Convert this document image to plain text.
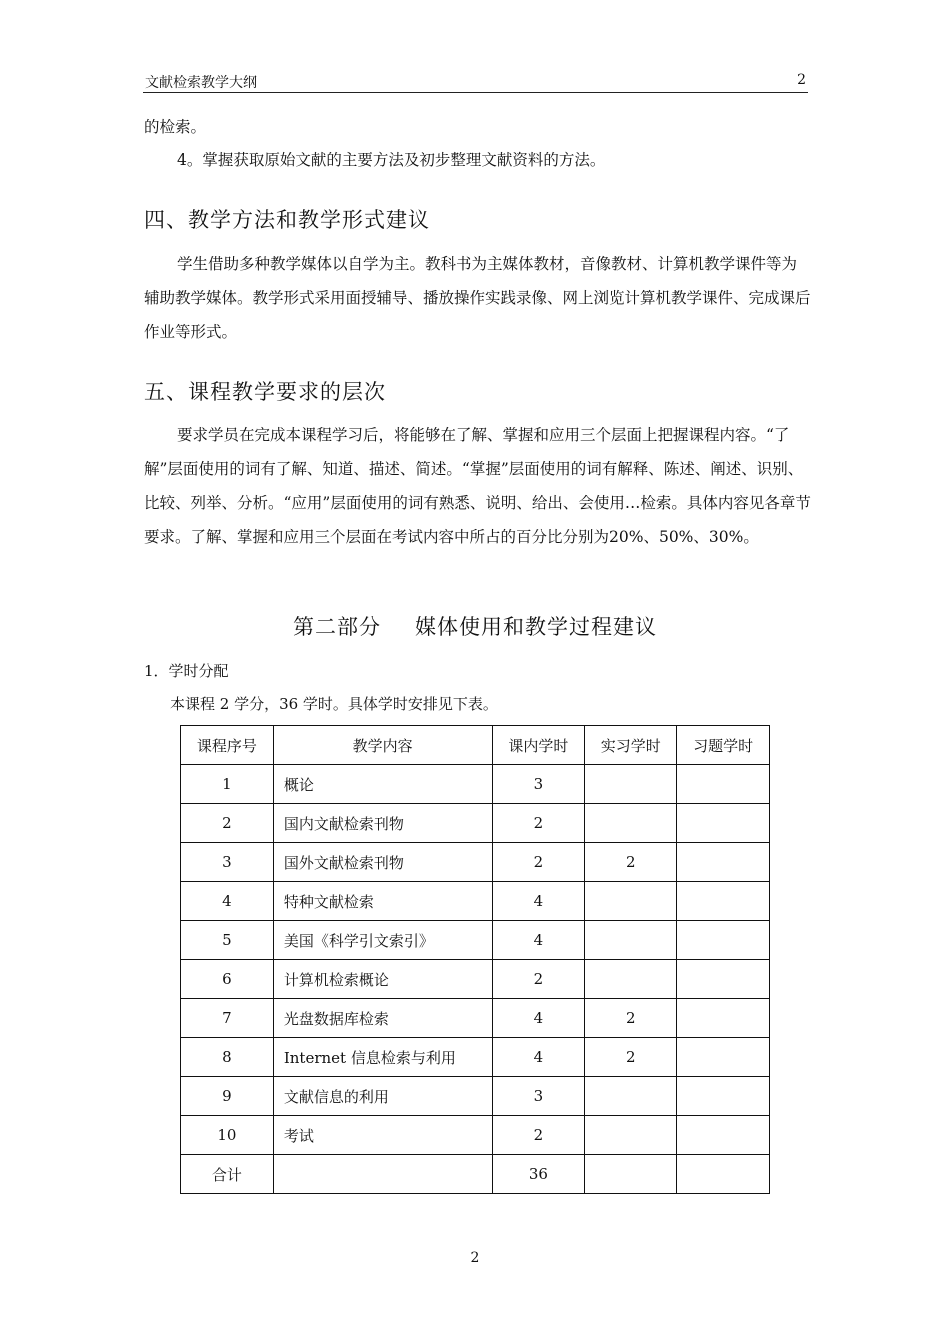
文献检索教学大纲	2
的检索。
4。掌握获取原始文献的主要方法及初步整理文献资料的方法。
四、教学方法和教学形式建议
学生借助多种教学媒体以自学为主。教科书为主媒体教材，音像教材、计算机教学课件等为辅助教学媒体。教学形式采用面授辅导、播放操作实践录像、网上浏览计算机教学课件、完成课后作业等形式。
五、课程教学要求的层次
要求学员在完成本课程学习后，将能够在了解、掌握和应用三个层面上把握课程内容。“了解”层面使用的词有了解、知道、描述、简述。“掌握”层面使用的词有解释、陈述、阐述、识别、比较、列举、分析。“应用”层面使用的词有熟悉、说明、给出、会使用…检索。具体内容见各章节要求。了解、掌握和应用三个层面在考试内容中所占的百分比分别为20%、50%、30%。
第二部分 媒体使用和教学过程建议
1．学时分配
本课程 2 学分，36 学时。具体学时安排见下表。
课程序号	教学内容	课内学时	实习学时	习题学时
1	概论	3		
2	国内文献检索刊物	2		
3	国外文献检索刊物	2	2	
4	特种文献检索	4		
5	美国《科学引文索引》	4		
6	计算机检索概论	2		
7	光盘数据库检索	4	2	
8	Internet 信息检索与利用	4	2	
9	文献信息的利用	3		
10	考试	2		
合计		36		
2
